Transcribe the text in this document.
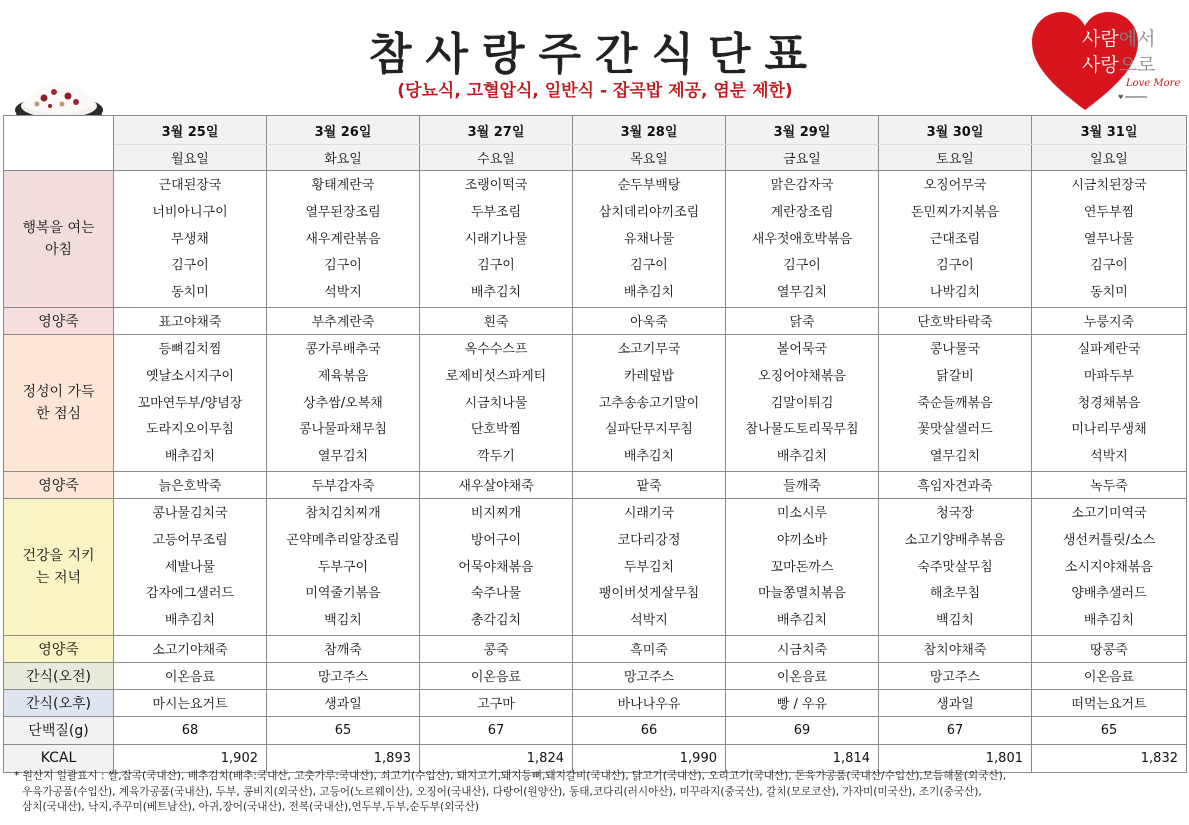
참사랑주간식단표
(당뇨식, 고혈압식, 일반식 - 잡곡밥 제공, 염분 제한)
사람에서
사랑으로
Love More
♥ ━━━━━━
	3월 25일	3월 26일	3월 27일	3월 28일	3월 29일	3월 30일	3월 31일
	월요일	화요일	수요일	목요일	금요일	토요일	일요일

행복을 여는 아침	근대된장국
너비아니구이
무생채
김구이
동치미	황태계란국
열무된장조림
새우계란볶음
김구이
석박지	조랭이떡국
두부조림
시래기나물
김구이
배추김치	순두부백탕
삼치데리야끼조림
유채나물
김구이
배추김치	맑은감자국
계란장조림
새우젓애호박볶음
김구이
열무김치	오징어무국
돈민찌가지볶음
근대조림
김구이
나박김치	시금치된장국
연두부찜
열무나물
김구이
동치미

영양죽	표고야채죽	부추계란죽	흰죽	아욱죽	닭죽	단호박타락죽	누룽지죽

정성이 가득한 점심	등뼈김치찜
옛날소시지구이
꼬마연두부/양념장
도라지오이무침
배추김치	콩가루배추국
제육볶음
상추쌈/오복채
콩나물파채무침
열무김치	옥수수스프
로제비섯스파게티
시금치나물
단호박찜
깍두기	소고기무국
카레덮밥
고추송송고기말이
실파단무지무침
배추김치	볼어묵국
오징어야채볶음
김말이튀김
참나물도토리묵무침
배추김치	콩나물국
닭갈비
죽순들깨볶음
꽃맛살샐러드
열무김치	실파계란국
마파두부
청경채볶음
미나리무생채
석박지

영양죽	늙은호박죽	두부감자죽	새우살야채죽	팥죽	들깨죽	흑임자견과죽	녹두죽

건강을 지키는 저녁	콩나물김치국
고등어무조림
세발나물
감자에그샐러드
배추김치	참치김치찌개
곤약메추리알장조림
두부구이
미역줄기볶음
백김치	비지찌개
방어구이
어묵야채볶음
숙주나물
총각김치	시래기국
코다리강정
두부김치
팽이버섯게살무침
석박지	미소시루
야끼소바
꼬마돈까스
마늘쫑멸치볶음
배추김치	청국장
소고기양배추볶음
숙주맛살무침
해초무침
백김치	소고기미역국
생선커틀릿/소스
소시지야채볶음
양배추샐러드
배추김치

영양죽	소고기야채죽	참깨죽	콩죽	흑미죽	시금치죽	참치야채죽	땅콩죽
간식(오전)	이온음료	망고주스	이온음료	망고주스	이온음료	망고주스	이온음료
간식(오후)	마시는요거트	생과일	고구마	바나나우유	빵 / 우유	생과일	떠먹는요거트
단백질(g)	68	65	67	66	69	67	65
KCAL	1,902	1,893	1,824	1,990	1,814	1,801	1,832
* 원산지 일괄표시 : 쌀,잡곡(국내산), 배추김치(배추:국내산, 고춧가루:국내산), 쇠고기(수입산), 돼지고기,돼지등뼈,돼지갈비(국내산), 닭고기(국내산), 오리고기(국내산), 돈육가공품(국내산/수입산),모듬해물(외국산),
우육가공품(수입산), 계육가공품(국내산), 두부, 콩비지(외국산), 고등어(노르웨이산), 오징어(국내산), 다랑어(원양산), 동태,코다리(러시아산), 미꾸라지(중국산), 갈치(모로코산), 가자미(미국산), 조기(중국산),
삼치(국내산), 낙지,주꾸미(베트남산), 아귀,장어(국내산), 전복(국내산),연두부,두부,순두부(외국산)
